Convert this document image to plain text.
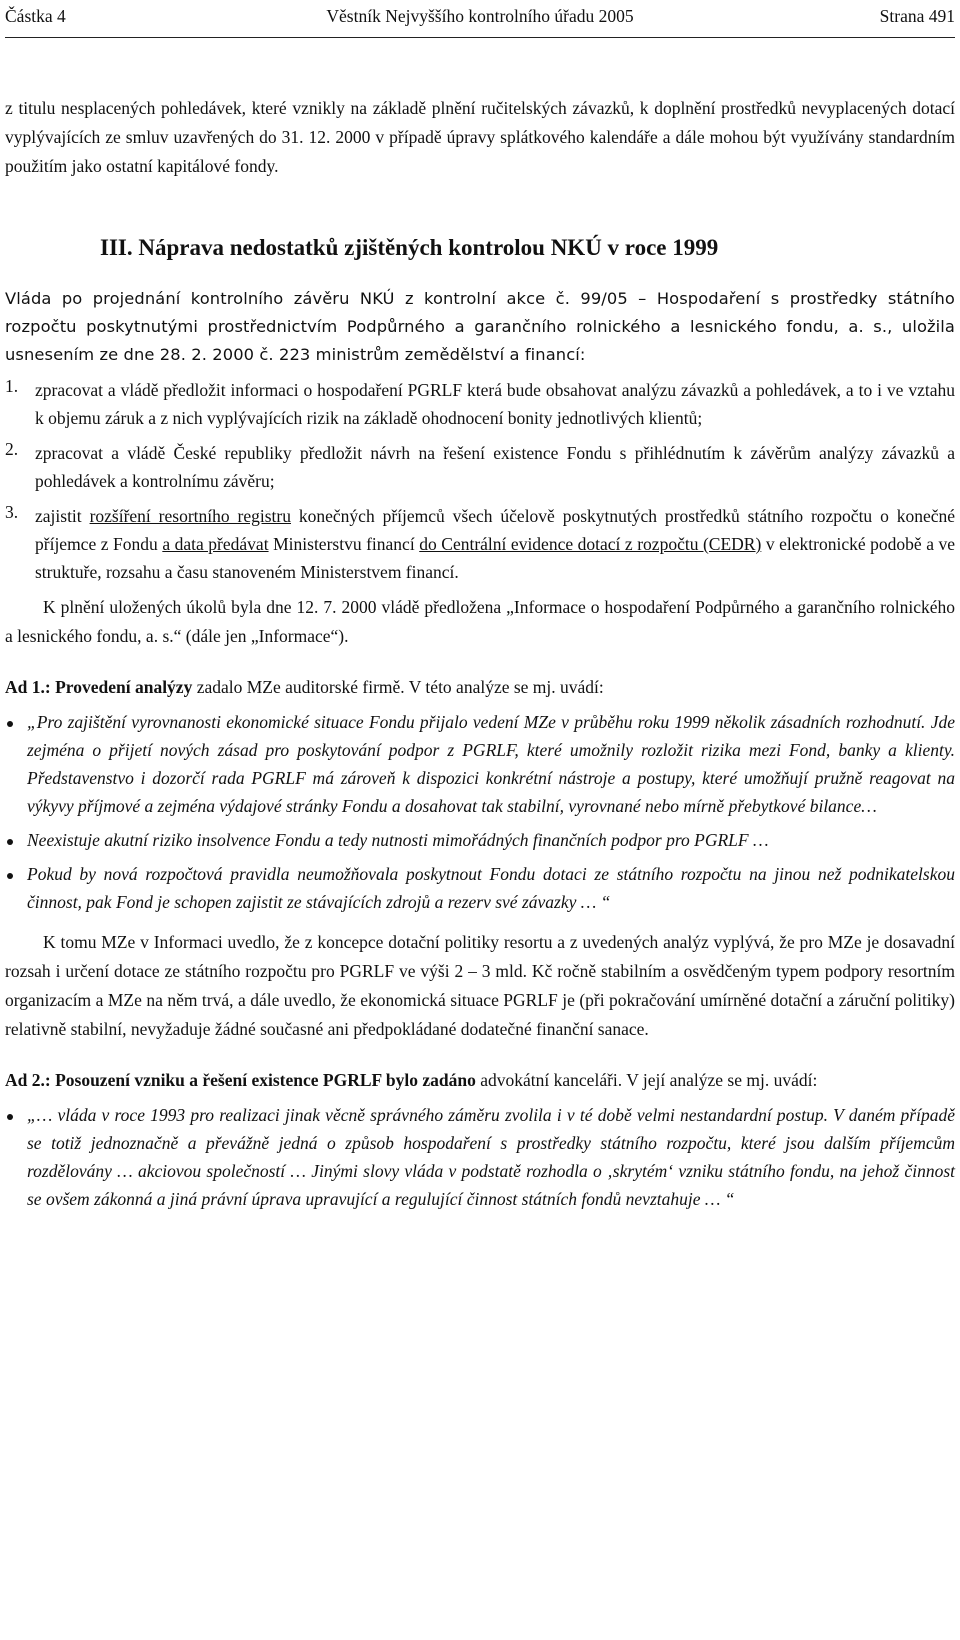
Částka 4	Věstník Nejvyššího kontrolního úřadu 2005	Strana 491

z titulu nesplacených pohledávek, které vznikly na základě plnění ručitelských závazků, k doplnění prostředků nevyplacených dotací vyplývajících ze smluv uzavřených do 31. 12. 2000 v případě úpravy splátkového kalendáře a dále mohou být využívány standardním použitím jako ostatní kapitálové fondy.

III. Náprava nedostatků zjištěných kontrolou NKÚ v roce 1999

Vláda po projednání kontrolního závěru NKÚ z kontrolní akce č. 99/05 – Hospodaření s prostředky státního rozpočtu poskytnutými prostřednictvím Podpůrného a garančního rolnického a lesnického fondu, a. s., uložila usnesením ze dne 28. 2. 2000 č. 223 ministrům zemědělství a financí:

1. zpracovat a vládě předložit informaci o hospodaření PGRLF která bude obsahovat analýzu závazků a pohledávek, a to i ve vztahu k objemu záruk a z nich vyplývajících rizik na základě ohodnocení bonity jednotlivých klientů;
2. zpracovat a vládě České republiky předložit návrh na řešení existence Fondu s přihlédnutím k závěrům analýzy závazků a pohledávek a kontrolnímu závěru;
3. zajistit rozšíření resortního registru konečných příjemců všech účelově poskytnutých prostředků státního rozpočtu o konečné příjemce z Fondu a data předávat Ministerstvu financí do Centrální evidence dotací z rozpočtu (CEDR) v elektronické podobě a ve struktuře, rozsahu a času stanoveném Ministerstvem financí.

K plnění uložených úkolů byla dne 12. 7. 2000 vládě předložena „Informace o hospodaření Podpůrného a garančního rolnického a lesnického fondu, a. s.“ (dále jen „Informace“).

Ad 1.: Provedení analýzy zadalo MZe auditorské firmě. V této analýze se mj. uvádí:

„Pro zajištění vyrovnanosti ekonomické situace Fondu přijalo vedení MZe v průběhu roku 1999 několik zásadních rozhodnutí. Jde zejména o přijetí nových zásad pro poskytování podpor z PGRLF, které umožnily rozložit rizika mezi Fond, banky a klienty. Představenstvo i dozorčí rada PGRLF má zároveň k dispozici konkrétní nástroje a postupy, které umožňují pružně reagovat na výkyvy příjmové a zejména výdajové stránky Fondu a dosahovat tak stabilní, vyrovnané nebo mírně přebytkové bilance…
Neexistuje akutní riziko insolvence Fondu a tedy nutnosti mimořádných finančních podpor pro PGRLF …
Pokud by nová rozpočtová pravidla neumožňovala poskytnout Fondu dotaci ze státního rozpočtu na jinou než podnikatelskou činnost, pak Fond je schopen zajistit ze stávajících zdrojů a rezerv své závazky … “

K tomu MZe v Informaci uvedlo, že z koncepce dotační politiky resortu a z uvedených analýz vyplývá, že pro MZe je dosavadní rozsah i určení dotace ze státního rozpočtu pro PGRLF ve výši 2 – 3 mld. Kč ročně stabilním a osvědčeným typem podpory resortním organizacím a MZe na něm trvá, a dále uvedlo, že ekonomická situace PGRLF je (při pokračování umírněné dotační a záruční politiky) relativně stabilní, nevyžaduje žádné současné ani předpokládané dodatečné finanční sanace.

Ad 2.: Posouzení vzniku a řešení existence PGRLF bylo zadáno advokátní kanceláři. V její analýze se mj. uvádí:

„… vláda v roce 1993 pro realizaci jinak věcně správného záměru zvolila i v té době velmi nestandardní postup. V daném případě se totiž jednoznačně a převážně jedná o způsob hospodaření s prostředky státního rozpočtu, které jsou dalším příjemcům rozdělovány … akciovou společností … Jinými slovy vláda v podstatě rozhodla o ‚skrytém‘ vzniku státního fondu, na jehož činnost se ovšem zákonná a jiná právní úprava upravující a regulující činnost státních fondů nevztahuje … “
